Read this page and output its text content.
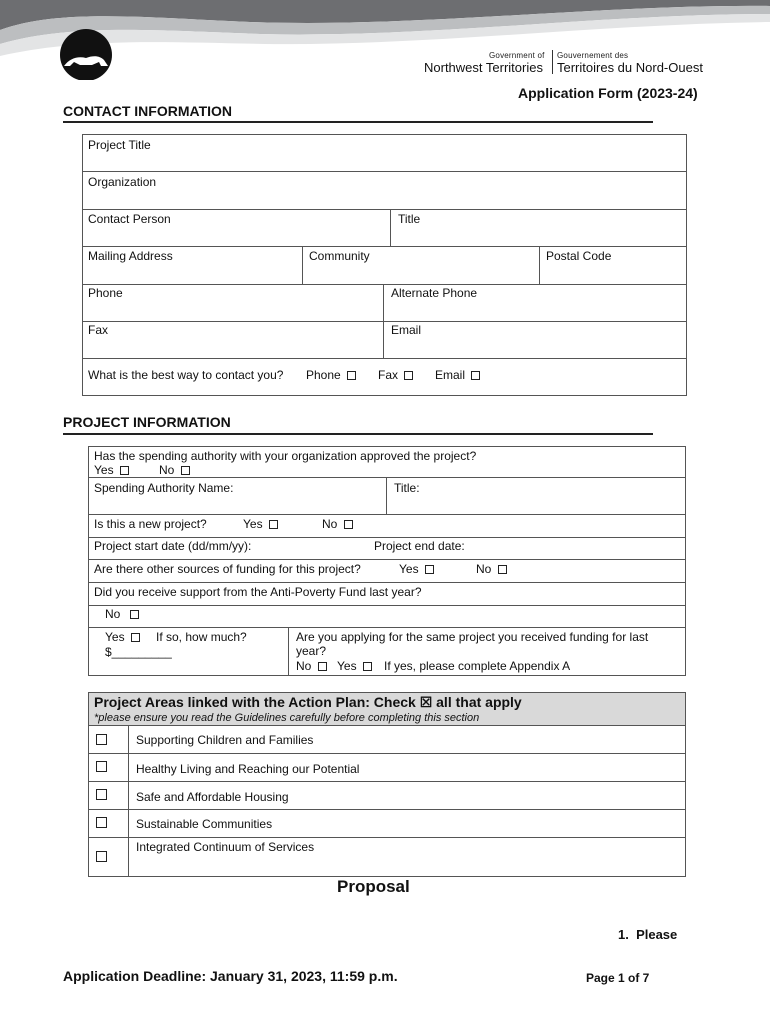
Government of Gouvernement des
Northwest Territories Territoires du Nord-Ouest
Application Form (2023-24)
CONTACT INFORMATION
Project Title
Organization
Contact Person	Title
Mailing Address	Community	Postal Code
Phone	Alternate Phone
Fax	Email
What is the best way to contact you? Phone	Fax	Email
PROJECT INFORMATION
Has the spending authority with your organization approved the project?
Yes	No
Spending Authority Name:	Title:
Is this a new project?	Yes	No
Project start date (dd/mm/yy):	Project end date:
Are there other sources of funding for this project?	Yes	No
Did you receive support from the Anti-Poverty Fund last year?
No
Yes	If so, how much?
$_________
Are you applying for the same project you received funding for last
year?
No	Yes	If yes, please complete Appendix A
Project Areas linked with the Action Plan: Check ☒ all that apply
*please ensure you read the Guidelines carefully before completing this section
Supporting Children and Families
Healthy Living and Reaching our Potential
Safe and Affordable Housing
Sustainable Communities
Integrated Continuum of Services
Proposal
1.  Please
Application Deadline: January 31, 2023, 11:59 p.m.	Page 1 of 7
